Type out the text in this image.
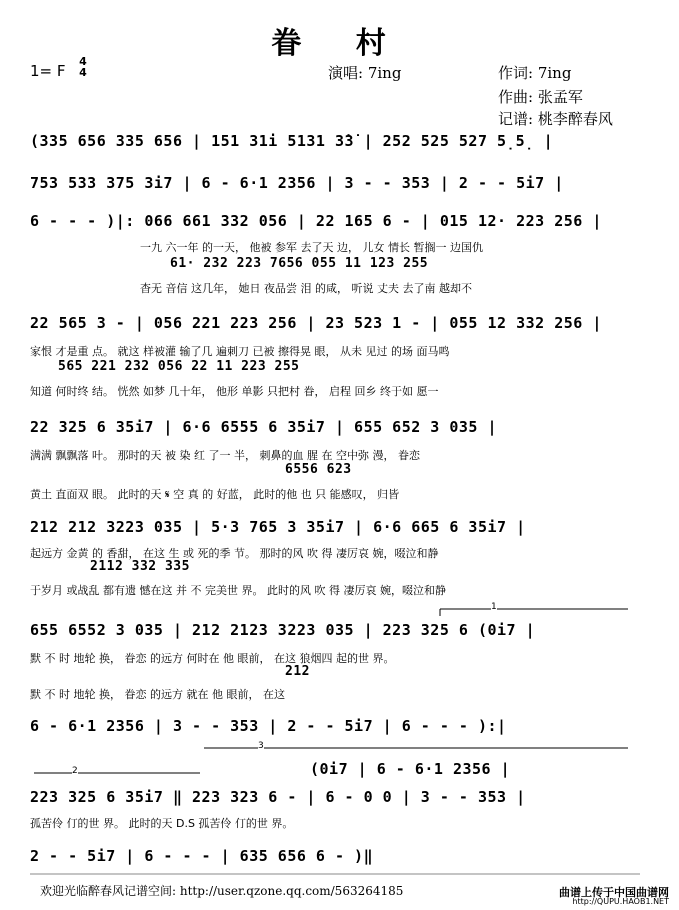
眷 村
1= F
4
4	演唱: 7ing	作词: 7ing
作曲: 张孟军
记谱: 桃李醉春风
(335 656 335 656 | 151 31i 5131 3̇3̇ | 252 525 527 5̣5̣ |
753 533 375 3i7 | 6 - 6·1 2356 | 3 - - 353 | 2 - - 5i7 |
6 - - - )|: 066 661 332 056 | 22 165 6 - | 015 12· 223 256 |
一九 六一年 的一天， 他被 参军 去了天 边， 儿女 情长 暂搁一 边国仇
61· 232 223 7656 055 11 123 255
杳无 音信 这几年， 她日 夜品尝 泪 的咸， 听说 丈夫 去了南 越却不
22 565 3 - | 056 221 223 256 | 23 523 1 - | 055 12 332 256 |
家恨 才是重 点。 就这 样被灌 输了几 遍刺刀 已被 擦得晃 眼， 从未 见过 的场 面马鸣
565 221 232 056 22 11 223 255
知道 何时终 结。 恍然 如梦 几十年， 他形 单影 只把村 眷， 启程 回乡 终于如 愿一
22 325 6 35i7 | 6·6 6555 6 35i7 | 655 652 3 035 |
满满 飘飘落 叶。 那时的天 被 染 红 了一 半， 刺鼻的血 腥 在 空中弥 漫， 眷恋
6556 623
黄土 直面双 眼。 此时的天 𝄋 空 真 的 好蓝， 此时的他 也 只 能感叹， 归皆
212 212 3223 035 | 5·3 765 3 35i7 | 6·6 665 6 35i7 |
起远方 金黄 的 香甜， 在这 生 或 死的季 节。 那时的风 吹 得 凄厉哀 婉，啜泣和静
2112 332 335
于岁月 或战乱 都有遗 憾在这 并 不 完美世 界。 此时的风 吹 得 凄厉哀 婉，啜泣和静
655 6552 3 035 | 212 2123 3223 035 | 223 325 6 (0i7 |
默 不 时 地轮 换， 眷恋 的远方 何时在 他 眼前， 在这 狼烟四 起的世 界。
212
默 不 时 地轮 换， 眷恋 的远方 就在 他 眼前， 在这
6 - 6·1 2356 | 3 - - 353 | 2 - - 5i7 | 6 - - - ):|
(0i7 | 6 - 6·1 2356 |
223 325 6 35i7 ‖ 223 323 6 - | 6 - 0 0 | 3 - - 353 |
孤苦伶 仃的世 界。 此时的天 D.S 孤苦伶 仃的世 界。
2 - - 5i7 | 6 - - - | 635 656 6 - )‖
1
3
2
欢迎光临醉春风记谱空间: http://user.qzone.qq.com/563264185	曲谱上传于中国曲谱网
http://QUPU.HAOB1.NET
